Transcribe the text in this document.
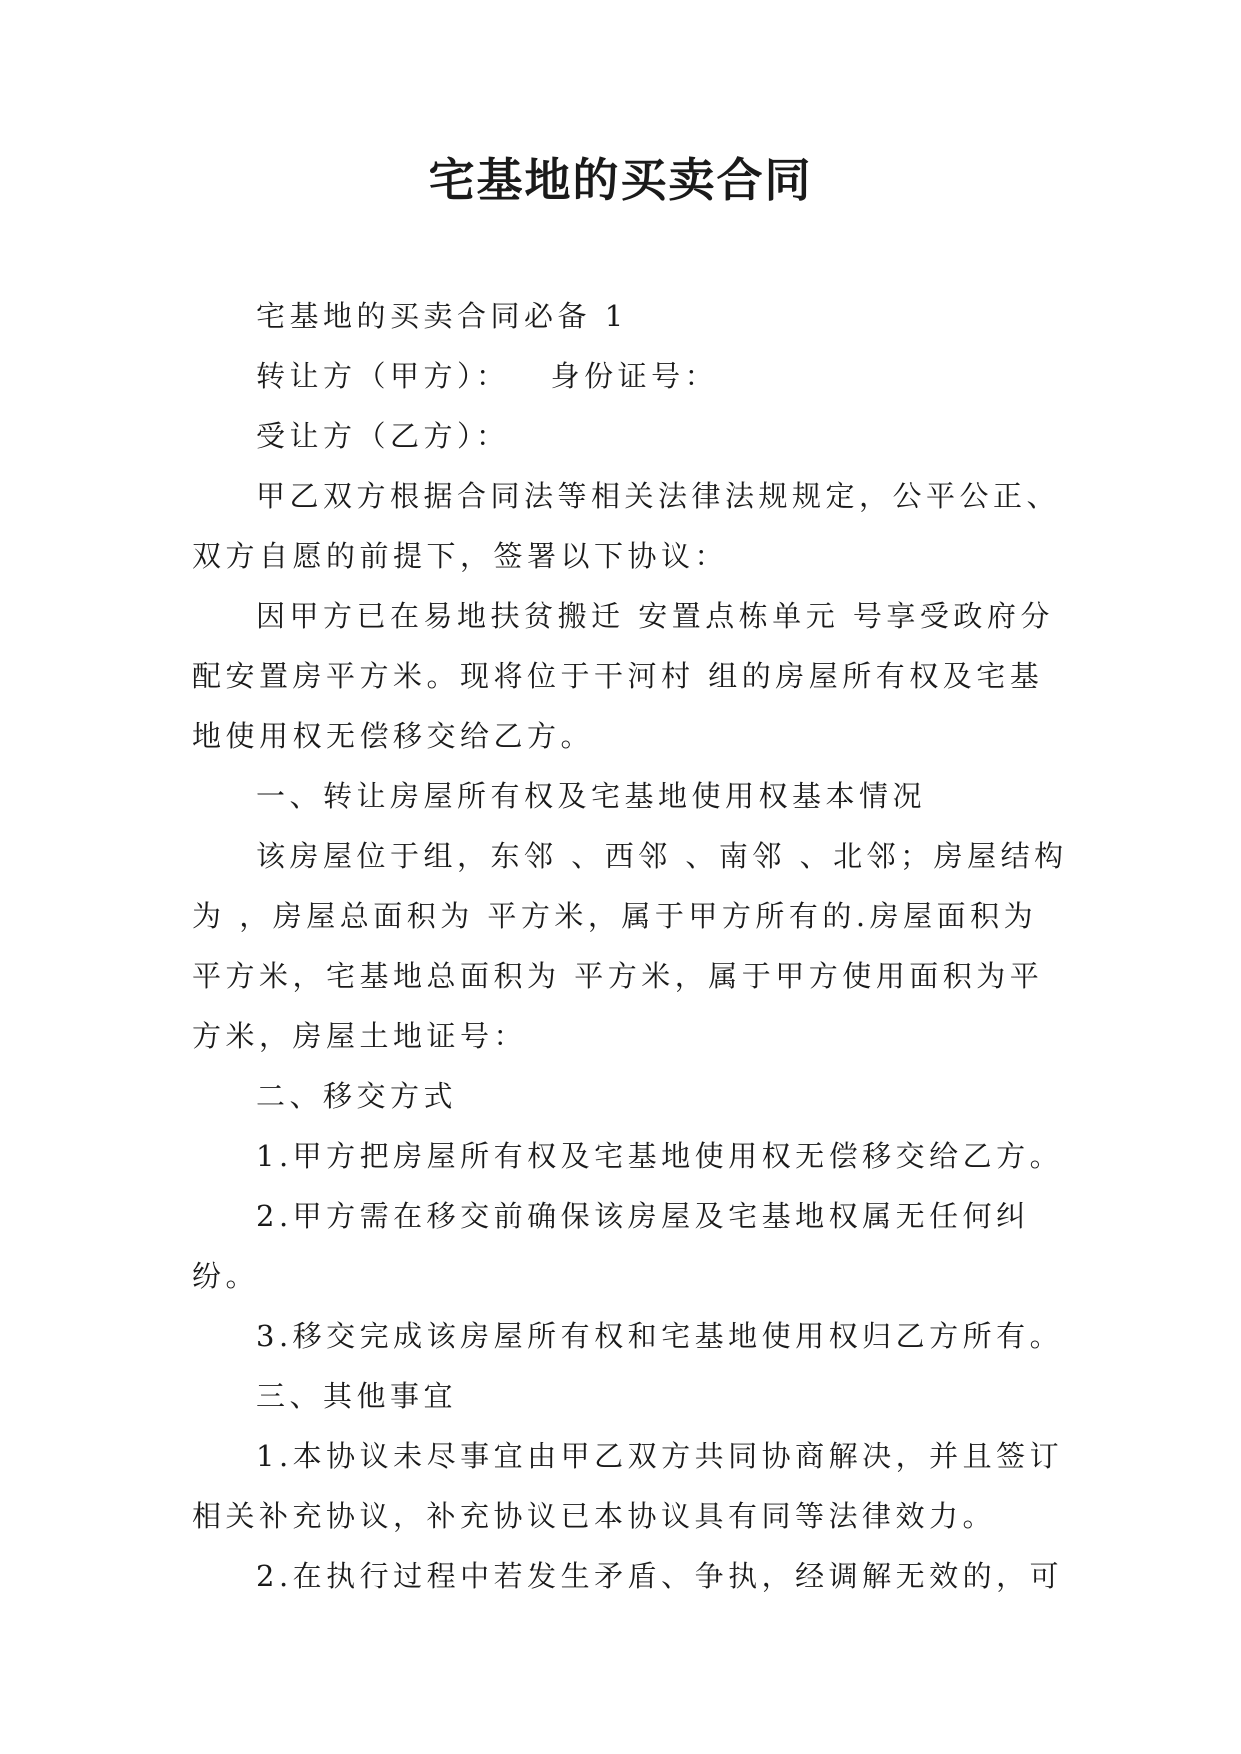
宅基地的买卖合同

宅基地的买卖合同必备 1

转让方（甲方）：   身份证号：

受让方（乙方）：

甲乙双方根据合同法等相关法律法规规定，公平公正、双方自愿的前提下，签署以下协议：

因甲方已在易地扶贫搬迁 安置点栋单元 号享受政府分配安置房平方米。现将位于干河村 组的房屋所有权及宅基地使用权无偿移交给乙方。

一、转让房屋所有权及宅基地使用权基本情况

该房屋位于组，东邻 、西邻 、南邻 、北邻；房屋结构为 ，房屋总面积为 平方米，属于甲方所有的.房屋面积为 平方米，宅基地总面积为 平方米，属于甲方使用面积为平方米，房屋土地证号：

二、移交方式

1.甲方把房屋所有权及宅基地使用权无偿移交给乙方。

2.甲方需在移交前确保该房屋及宅基地权属无任何纠纷。

3.移交完成该房屋所有权和宅基地使用权归乙方所有。

三、其他事宜

1.本协议未尽事宜由甲乙双方共同协商解决，并且签订相关补充协议，补充协议已本协议具有同等法律效力。

2.在执行过程中若发生矛盾、争执，经调解无效的，可
